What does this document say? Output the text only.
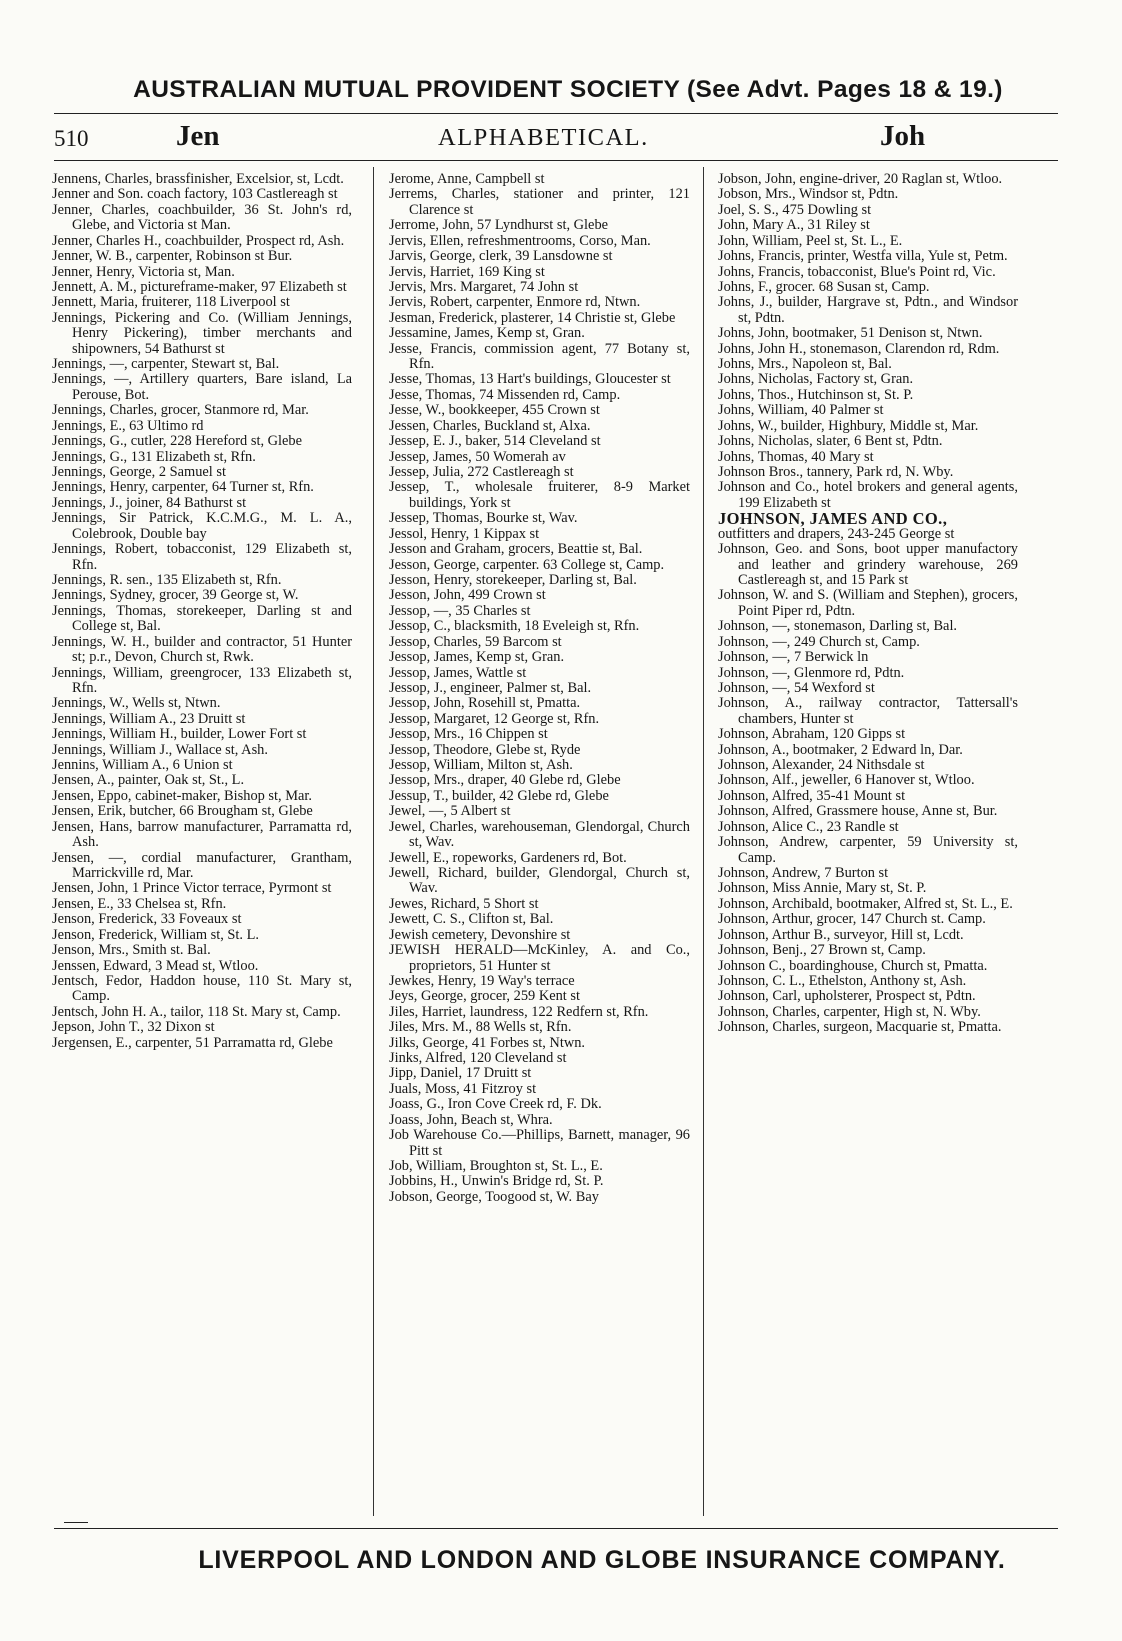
AUSTRALIAN MUTUAL PROVIDENT SOCIETY (See Advt. Pages 18 & 19.)
510	Jen	ALPHABETICAL.	Joh
Jennens, Charles, brassfinisher, Excelsior, st, Lcdt.
Jenner and Son. coach factory, 103 Castlereagh st
Jenner, Charles, coachbuilder, 36 St. John's rd, Glebe, and Victoria st Man.
Jenner, Charles H., coachbuilder, Prospect rd, Ash.
Jenner, W. B., carpenter, Robinson st Bur.
Jenner, Henry, Victoria st, Man.
Jennett, A. M., pictureframe-maker, 97 Elizabeth st
Jennett, Maria, fruiterer, 118 Liverpool st
Jennings, Pickering and Co. (William Jennings, Henry Pickering), timber merchants and shipowners, 54 Bathurst st
Jennings, —, carpenter, Stewart st, Bal.
Jennings, —, Artillery quarters, Bare island, La Perouse, Bot.
Jennings, Charles, grocer, Stanmore rd, Mar.
Jennings, E., 63 Ultimo rd
Jennings, G., cutler, 228 Hereford st, Glebe
Jennings, G., 131 Elizabeth st, Rfn.
Jennings, George, 2 Samuel st
Jennings, Henry, carpenter, 64 Turner st, Rfn.
Jennings, J., joiner, 84 Bathurst st
Jennings, Sir Patrick, K.C.M.G., M. L. A., Colebrook, Double bay
Jennings, Robert, tobacconist, 129 Elizabeth st, Rfn.
Jennings, R. sen., 135 Elizabeth st, Rfn.
Jennings, Sydney, grocer, 39 George st, W.
Jennings, Thomas, storekeeper, Darling st and College st, Bal.
Jennings, W. H., builder and contractor, 51 Hunter st; p.r., Devon, Church st, Rwk.
Jennings, William, greengrocer, 133 Elizabeth st, Rfn.
Jennings, W., Wells st, Ntwn.
Jennings, William A., 23 Druitt st
Jennings, William H., builder, Lower Fort st
Jennings, William J., Wallace st, Ash.
Jennins, William A., 6 Union st
Jensen, A., painter, Oak st, St., L.
Jensen, Eppo, cabinet-maker, Bishop st, Mar.
Jensen, Erik, butcher, 66 Brougham st, Glebe
Jensen, Hans, barrow manufacturer, Parramatta rd, Ash.
Jensen, —, cordial manufacturer, Grantham, Marrickville rd, Mar.
Jensen, John, 1 Prince Victor terrace, Pyrmont st
Jensen, E., 33 Chelsea st, Rfn.
Jenson, Frederick, 33 Foveaux st
Jenson, Frederick, William st, St. L.
Jenson, Mrs., Smith st. Bal.
Jenssen, Edward, 3 Mead st, Wtloo.
Jentsch, Fedor, Haddon house, 110 St. Mary st, Camp.
Jentsch, John H. A., tailor, 118 St. Mary st, Camp.
Jepson, John T., 32 Dixon st
Jergensen, E., carpenter, 51 Parramatta rd, Glebe
Jerome, Anne, Campbell st
Jerrems, Charles, stationer and printer, 121 Clarence st
Jerrome, John, 57 Lyndhurst st, Glebe
Jervis, Ellen, refreshmentrooms, Corso, Man.
Jarvis, George, clerk, 39 Lansdowne st
Jervis, Harriet, 169 King st
Jervis, Mrs. Margaret, 74 John st
Jervis, Robert, carpenter, Enmore rd, Ntwn.
Jesman, Frederick, plasterer, 14 Christie st, Glebe
Jessamine, James, Kemp st, Gran.
Jesse, Francis, commission agent, 77 Botany st, Rfn.
Jesse, Thomas, 13 Hart's buildings, Gloucester st
Jesse, Thomas, 74 Missenden rd, Camp.
Jesse, W., bookkeeper, 455 Crown st
Jessen, Charles, Buckland st, Alxa.
Jessep, E. J., baker, 514 Cleveland st
Jessep, James, 50 Womerah av
Jessep, Julia, 272 Castlereagh st
Jessep, T., wholesale fruiterer, 8-9 Market buildings, York st
Jessep, Thomas, Bourke st, Wav.
Jessol, Henry, 1 Kippax st
Jesson and Graham, grocers, Beattie st, Bal.
Jesson, George, carpenter. 63 College st, Camp.
Jesson, Henry, storekeeper, Darling st, Bal.
Jesson, John, 499 Crown st
Jessop, —, 35 Charles st
Jessop, C., blacksmith, 18 Eveleigh st, Rfn.
Jessop, Charles, 59 Barcom st
Jessop, James, Kemp st, Gran.
Jessop, James, Wattle st
Jessop, J., engineer, Palmer st, Bal.
Jessop, John, Rosehill st, Pmatta.
Jessop, Margaret, 12 George st, Rfn.
Jessop, Mrs., 16 Chippen st
Jessop, Theodore, Glebe st, Ryde
Jessop, William, Milton st, Ash.
Jessop, Mrs., draper, 40 Glebe rd, Glebe
Jessup, T., builder, 42 Glebe rd, Glebe
Jewel, —, 5 Albert st
Jewel, Charles, warehouseman, Glendorgal, Church st, Wav.
Jewell, E., ropeworks, Gardeners rd, Bot.
Jewell, Richard, builder, Glendorgal, Church st, Wav.
Jewes, Richard, 5 Short st
Jewett, C. S., Clifton st, Bal.
Jewish cemetery, Devonshire st
JEWISH HERALD—McKinley, A. and Co., proprietors, 51 Hunter st
Jewkes, Henry, 19 Way's terrace
Jeys, George, grocer, 259 Kent st
Jiles, Harriet, laundress, 122 Redfern st, Rfn.
Jiles, Mrs. M., 88 Wells st, Rfn.
Jilks, George, 41 Forbes st, Ntwn.
Jinks, Alfred, 120 Cleveland st
Jipp, Daniel, 17 Druitt st
Juals, Moss, 41 Fitzroy st
Joass, G., Iron Cove Creek rd, F. Dk.
Joass, John, Beach st, Whra.
Job Warehouse Co.—Phillips, Barnett, manager, 96 Pitt st
Job, William, Broughton st, St. L., E.
Jobbins, H., Unwin's Bridge rd, St. P.
Jobson, George, Toogood st, W. Bay
Jobson, John, engine-driver, 20 Raglan st, Wtloo.
Jobson, Mrs., Windsor st, Pdtn.
Joel, S. S., 475 Dowling st
John, Mary A., 31 Riley st
John, William, Peel st, St. L., E.
Johns, Francis, printer, Westfa villa, Yule st, Petm.
Johns, Francis, tobacconist, Blue's Point rd, Vic.
Johns, F., grocer. 68 Susan st, Camp.
Johns, J., builder, Hargrave st, Pdtn., and Windsor st, Pdtn.
Johns, John, bootmaker, 51 Denison st, Ntwn.
Johns, John H., stonemason, Clarendon rd, Rdm.
Johns, Mrs., Napoleon st, Bal.
Johns, Nicholas, Factory st, Gran.
Johns, Thos., Hutchinson st, St. P.
Johns, William, 40 Palmer st
Johns, W., builder, Highbury, Middle st, Mar.
Johns, Nicholas, slater, 6 Bent st, Pdtn.
Johns, Thomas, 40 Mary st
Johnson Bros., tannery, Park rd, N. Wby.
Johnson and Co., hotel brokers and general agents, 199 Elizabeth st
JOHNSON, JAMES AND CO.,
outfitters and drapers, 243-245 George st
Johnson, Geo. and Sons, boot upper manufactory and leather and grindery warehouse, 269 Castlereagh st, and 15 Park st
Johnson, W. and S. (William and Stephen), grocers, Point Piper rd, Pdtn.
Johnson, —, stonemason, Darling st, Bal.
Johnson, —, 249 Church st, Camp.
Johnson, —, 7 Berwick ln
Johnson, —, Glenmore rd, Pdtn.
Johnson, —, 54 Wexford st
Johnson, A., railway contractor, Tattersall's chambers, Hunter st
Johnson, Abraham, 120 Gipps st
Johnson, A., bootmaker, 2 Edward ln, Dar.
Johnson, Alexander, 24 Nithsdale st
Johnson, Alf., jeweller, 6 Hanover st, Wtloo.
Johnson, Alfred, 35-41 Mount st
Johnson, Alfred, Grassmere house, Anne st, Bur.
Johnson, Alice C., 23 Randle st
Johnson, Andrew, carpenter, 59 University st, Camp.
Johnson, Andrew, 7 Burton st
Johnson, Miss Annie, Mary st, St. P.
Johnson, Archibald, bootmaker, Alfred st, St. L., E.
Johnson, Arthur, grocer, 147 Church st. Camp.
Johnson, Arthur B., surveyor, Hill st, Lcdt.
Johnson, Benj., 27 Brown st, Camp.
Johnson C., boardinghouse, Church st, Pmatta.
Johnson, C. L., Ethelston, Anthony st, Ash.
Johnson, Carl, upholsterer, Prospect st, Pdtn.
Johnson, Charles, carpenter, High st, N. Wby.
Johnson, Charles, surgeon, Macquarie st, Pmatta.
LIVERPOOL AND LONDON AND GLOBE INSURANCE COMPANY.
